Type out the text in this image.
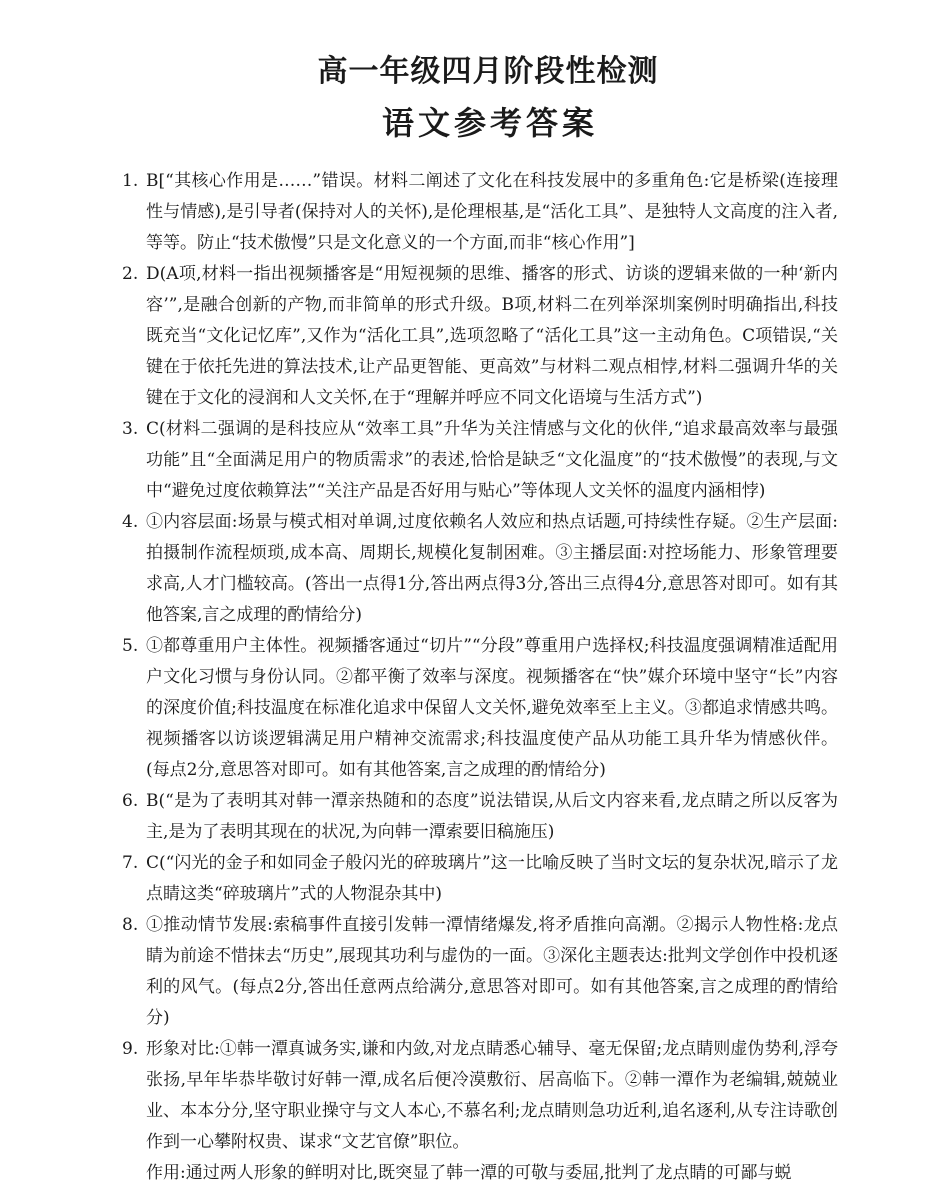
高一年级四月阶段性检测
语文参考答案
1. B[“其核心作用是……”错误。材料二阐述了文化在科技发展中的多重角色:它是桥梁(连接理性与情感),是引导者(保持对人的关怀),是伦理根基,是“活化工具”、是独特人文高度的注入者,等等。防止“技术傲慢”只是文化意义的一个方面,而非“核心作用”]
2. D(A项,材料一指出视频播客是“用短视频的思维、播客的形式、访谈的逻辑来做的一种‘新内容’”,是融合创新的产物,而非简单的形式升级。B项,材料二在列举深圳案例时明确指出,科技既充当“文化记忆库”,又作为“活化工具”,选项忽略了“活化工具”这一主动角色。C项错误,“关键在于依托先进的算法技术,让产品更智能、更高效”与材料二观点相悖,材料二强调升华的关键在于文化的浸润和人文关怀,在于“理解并呼应不同文化语境与生活方式”)
3. C(材料二强调的是科技应从“效率工具”升华为关注情感与文化的伙伴,“追求最高效率与最强功能”且“全面满足用户的物质需求”的表述,恰恰是缺乏“文化温度”的“技术傲慢”的表现,与文中“避免过度依赖算法”“关注产品是否好用与贴心”等体现人文关怀的温度内涵相悖)
4. ①内容层面:场景与模式相对单调,过度依赖名人效应和热点话题,可持续性存疑。②生产层面:拍摄制作流程烦琐,成本高、周期长,规模化复制困难。③主播层面:对控场能力、形象管理要求高,人才门槛较高。(答出一点得1分,答出两点得3分,答出三点得4分,意思答对即可。如有其他答案,言之成理的酌情给分)
5. ①都尊重用户主体性。视频播客通过“切片”“分段”尊重用户选择权;科技温度强调精准适配用户文化习惯与身份认同。②都平衡了效率与深度。视频播客在“快”媒介环境中坚守“长”内容的深度价值;科技温度在标准化追求中保留人文关怀,避免效率至上主义。③都追求情感共鸣。视频播客以访谈逻辑满足用户精神交流需求;科技温度使产品从功能工具升华为情感伙伴。(每点2分,意思答对即可。如有其他答案,言之成理的酌情给分)
6. B(“是为了表明其对韩一潭亲热随和的态度”说法错误,从后文内容来看,龙点睛之所以反客为主,是为了表明其现在的状况,为向韩一潭索要旧稿施压)
7. C(“闪光的金子和如同金子般闪光的碎玻璃片”这一比喻反映了当时文坛的复杂状况,暗示了龙点睛这类“碎玻璃片”式的人物混杂其中)
8. ①推动情节发展:索稿事件直接引发韩一潭情绪爆发,将矛盾推向高潮。②揭示人物性格:龙点睛为前途不惜抹去“历史”,展现其功利与虚伪的一面。③深化主题表达:批判文学创作中投机逐利的风气。(每点2分,答出任意两点给满分,意思答对即可。如有其他答案,言之成理的酌情给分)
9. 形象对比:①韩一潭真诚务实,谦和内敛,对龙点睛悉心辅导、毫无保留;龙点睛则虚伪势利,浮夸张扬,早年毕恭毕敬讨好韩一潭,成名后便冷漠敷衍、居高临下。②韩一潭作为老编辑,兢兢业业、本本分分,坚守职业操守与文人本心,不慕名利;龙点睛则急功近利,追名逐利,从专注诗歌创作到一心攀附权贵、谋求“文艺官僚”职位。
作用:通过两人形象的鲜明对比,既突显了韩一潭的可敬与委屈,批判了龙点睛的可鄙与蜕
